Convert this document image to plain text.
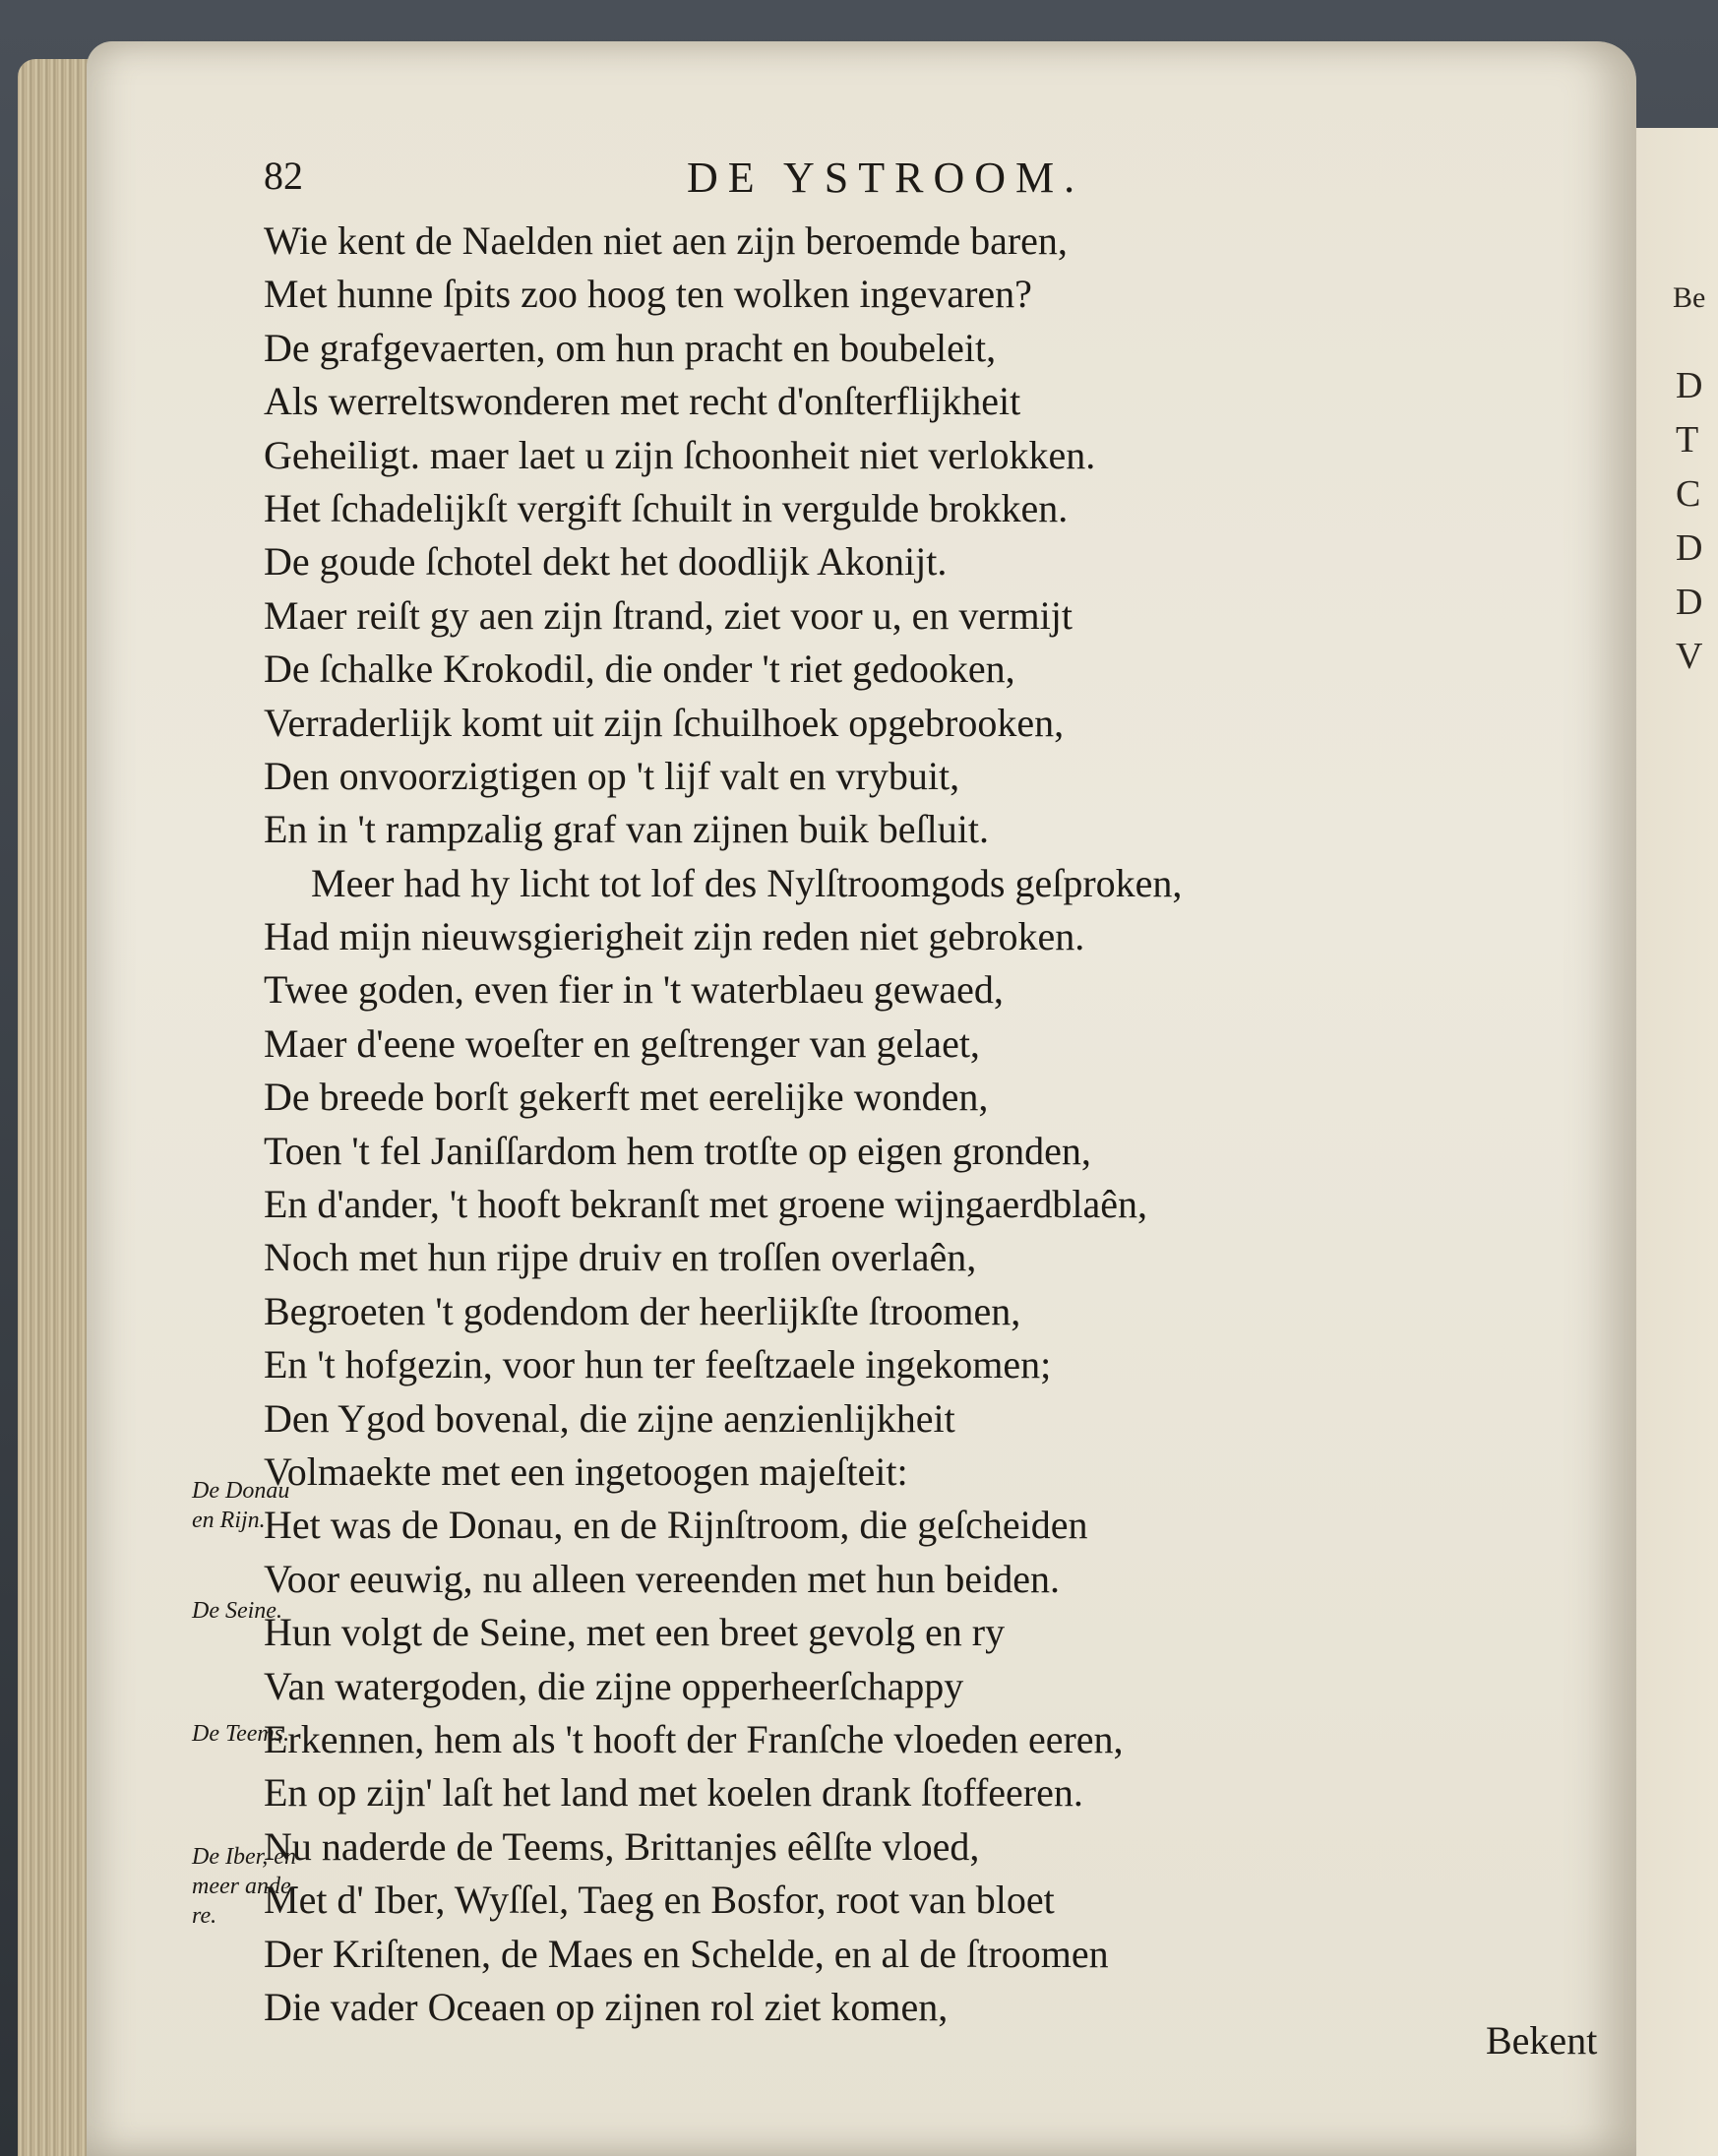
Be
D
T
C
D
D
V
82	DE YSTROOM.
Wie kent de Naelden niet aen zijn beroemde baren,
Met hunne ſpits zoo hoog ten wolken ingevaren?
De grafgevaerten, om hun pracht en boubeleit,
Als werreltswonderen met recht d'onſterflijkheit
Geheiligt. maer laet u zijn ſchoonheit niet verlokken.
Het ſchadelijkſt vergift ſchuilt in vergulde brokken.
De goude ſchotel dekt het doodlijk Akonijt.
Maer reiſt gy aen zijn ſtrand, ziet voor u, en vermijt
De ſchalke Krokodil, die onder 't riet gedooken,
Verraderlijk komt uit zijn ſchuilhoek opgebrooken,
Den onvoorzigtigen op 't lijf valt en vrybuit,
En in 't rampzalig graf van zijnen buik beſluit.
Meer had hy licht tot lof des Nylſtroomgods geſproken,
Had mijn nieuwsgierigheit zijn reden niet gebroken.
Twee goden, even fier in 't waterblaeu gewaed,
Maer d'eene woeſter en geſtrenger van gelaet,
De breede borſt gekerft met eerelijke wonden,
Toen 't fel Janiſſardom hem trotſte op eigen gronden,
En d'ander, 't hooft bekranſt met groene wijngaerdblaên,
Noch met hun rijpe druiv en troſſen overlaên,
Begroeten 't godendom der heerlijkſte ſtroomen,
En 't hofgezin, voor hun ter feeſtzaele ingekomen;
Den Ygod bovenal, die zijne aenzienlijkheit
Volmaekte met een ingetoogen majeſteit:
Het was de Donau, en de Rijnſtroom, die geſcheiden
Voor eeuwig, nu alleen vereenden met hun beiden.
Hun volgt de Seine, met een breet gevolg en ry
Van watergoden, die zijne opperheerſchappy
Erkennen, hem als 't hooft der Franſche vloeden eeren,
En op zijn' laſt het land met koelen drank ſtoffeeren.
Nu naderde de Teems, Brittanjes eêlſte vloed,
Met d' Iber, Wyſſel, Taeg en Bosfor, root van bloet
Der Kriſtenen, de Maes en Schelde, en al de ſtroomen
Die vader Oceaen op zijnen rol ziet komen,
De Donau
en Rijn.
De Seine.
De Teems.
De Iber, en
meer ande-
re.
Bekent
